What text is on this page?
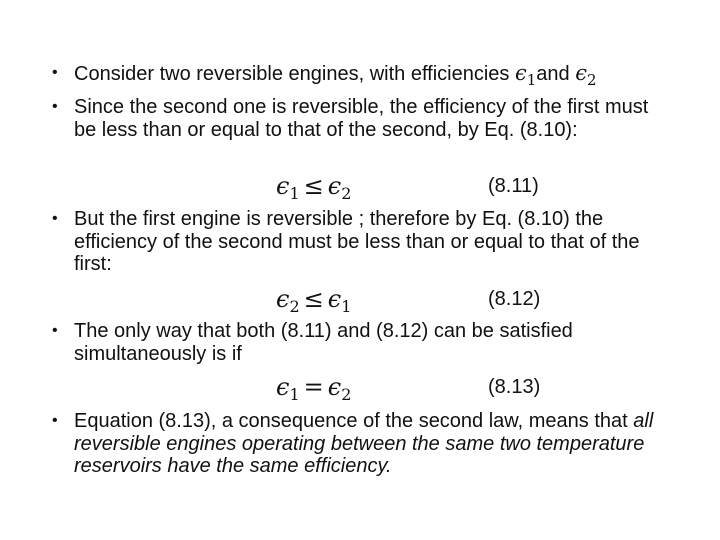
• Consider two reversible engines, with efficiencies $\epsilon_1and$ $\epsilon_2$
• Since the second one is reversible, the efficiency of the first must be less than or equal to that of the second, by Eq. (8.10):
$\epsilon_1 \le \epsilon_2$	(8.11)
• But the first engine is reversible ; therefore by Eq. (8.10) the efficiency of the second must be less than or equal to that of the first:
$\epsilon_2 \le \epsilon_1$	(8.12)
• The only way that both (8.11) and (8.12) can be satisfied simultaneously is if
$\epsilon_1 = \epsilon_2$	(8.13)
• Equation (8.13), a consequence of the second law, means that all reversible engines operating between the same two temperature reservoirs have the same efficiency.
